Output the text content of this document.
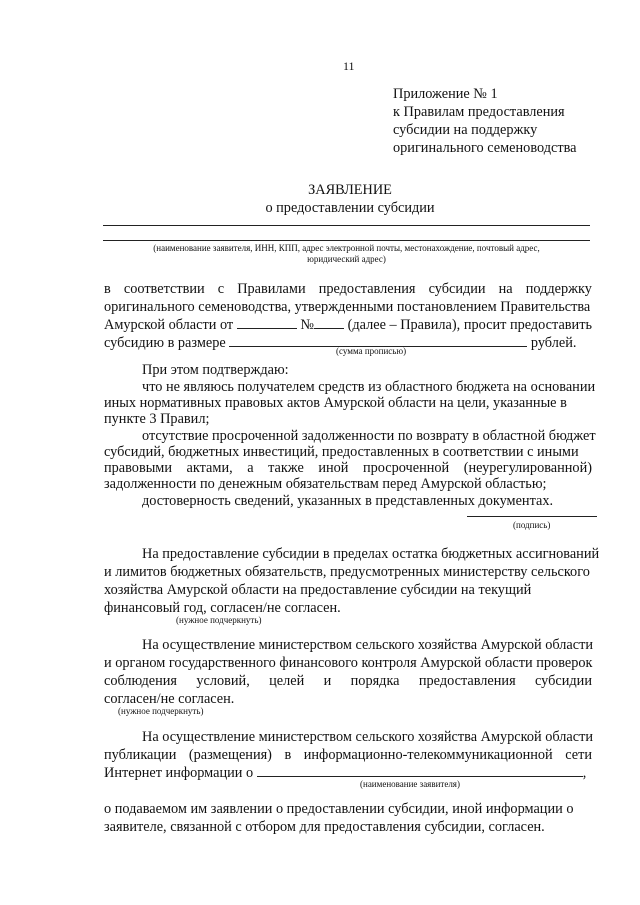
11
Приложение № 1
к Правилам предоставления
субсидии на поддержку
оригинального семеноводства
ЗАЯВЛЕНИЕ
о предоставлении субсидии
(наименование заявителя, ИНН, КПП, адрес электронной почты, местонахождение, почтовый адрес,
юридический адрес)
в соответствии с Правилами предоставления субсидии на поддержку
оригинального семеноводства, утвержденными постановлением Правительства
Амурской области от	№ (далее – Правила), просит предоставить
субсидию в размере	рублей.
(сумма прописью)
При этом подтверждаю:
что не являюсь получателем средств из областного бюджета на основании
иных нормативных правовых актов Амурской области на цели, указанные в
пункте 3 Правил;
отсутствие просроченной задолженности по возврату в областной бюджет
субсидий, бюджетных инвестиций, предоставленных в соответствии с иными
правовыми актами, а также иной просроченной (неурегулированной)
задолженности по денежным обязательствам перед Амурской областью;
достоверность сведений, указанных в представленных документах.
(подпись)
На предоставление субсидии в пределах остатка бюджетных ассигнований
и лимитов бюджетных обязательств, предусмотренных министерству сельского
хозяйства Амурской области на предоставление субсидии на текущий
финансовый год, согласен/не согласен.
(нужное подчеркнуть)
На осуществление министерством сельского хозяйства Амурской области
и органом государственного финансового контроля Амурской области проверок
соблюдения условий, целей и порядка предоставления субсидии
согласен/не согласен.
(нужное подчеркнуть)
На осуществление министерством сельского хозяйства Амурской области
публикации (размещения) в информационно-телекоммуникационной сети
Интернет информации о	,
(наименование заявителя)
о подаваемом им заявлении о предоставлении субсидии, иной информации о
заявителе, связанной с отбором для предоставления субсидии, согласен.
